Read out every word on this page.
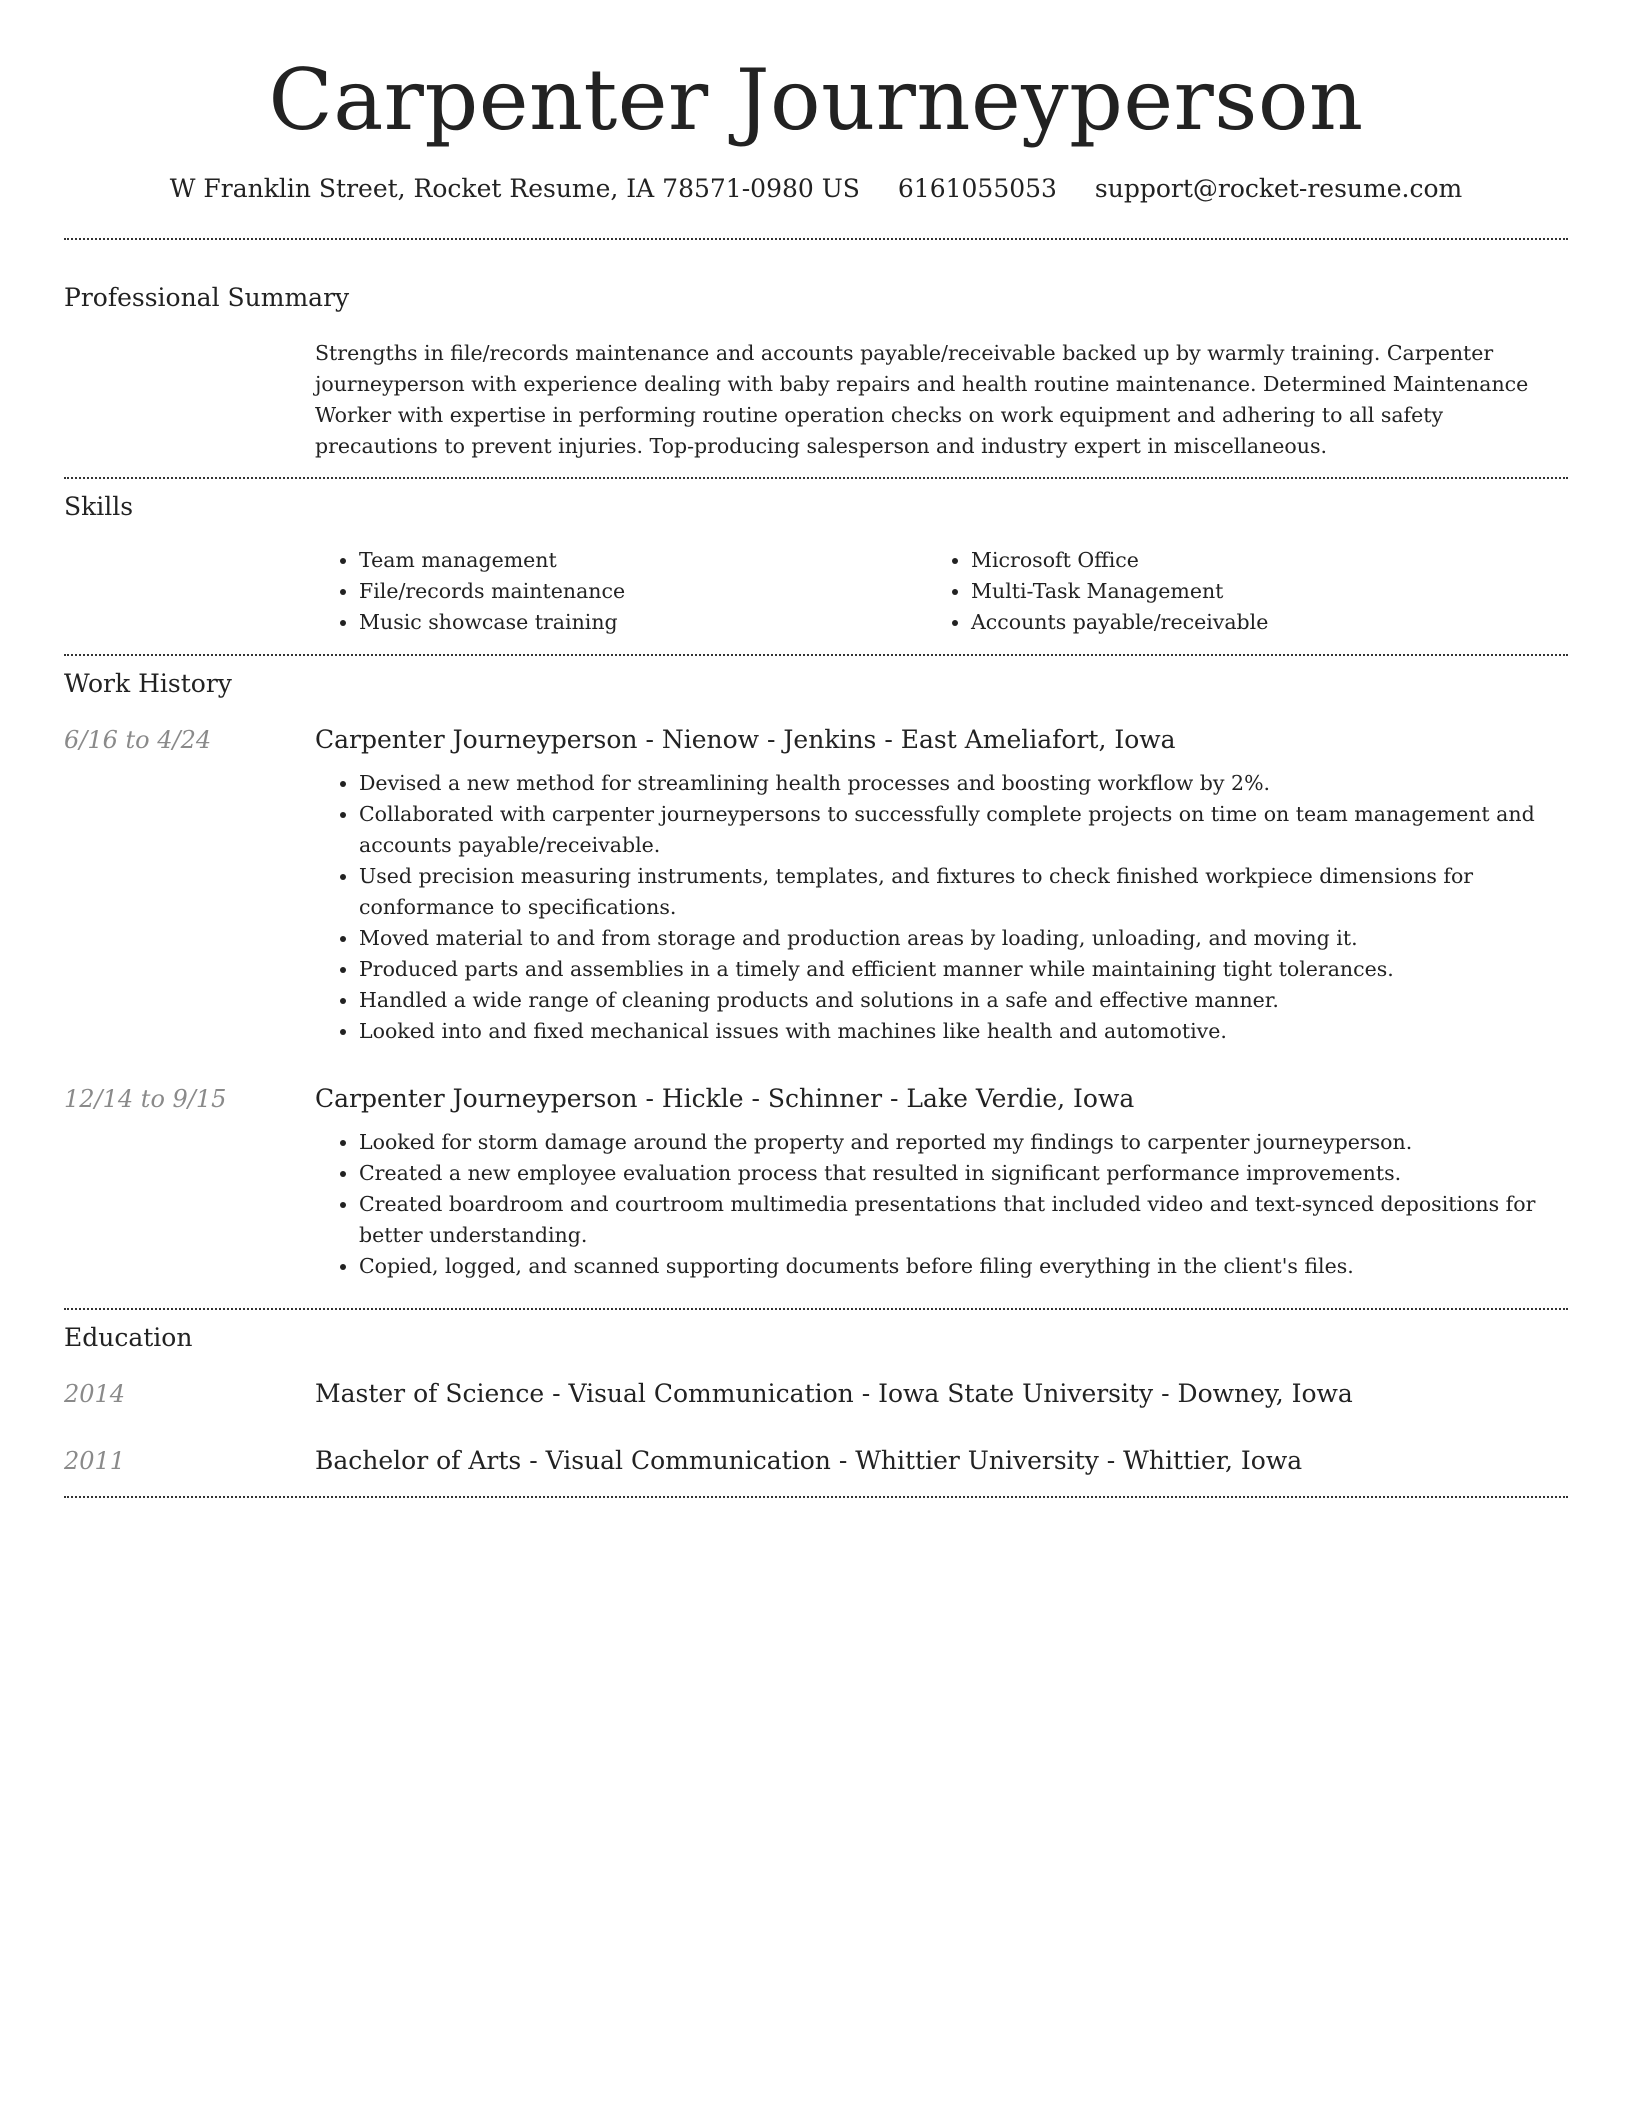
Carpenter Journeyperson
W Franklin Street, Rocket Resume, IA 78571-0980 US 6161055053 support@rocket-resume.com
Professional Summary

Strengths in file/records maintenance and accounts payable/receivable backed up by warmly training. Carpenter journeyperson with experience dealing with baby repairs and health routine maintenance. Determined Maintenance Worker with expertise in performing routine operation checks on work equipment and adhering to all safety precautions to prevent injuries. Top-producing salesperson and industry expert in miscellaneous.

Skills
• Team management
• File/records maintenance
• Music showcase training
• Microsoft Office
• Multi-Task Management
• Accounts payable/receivable
Work History
6/16 to 4/24	Carpenter Journeyperson - Nienow - Jenkins - East Ameliafort, Iowa
• Devised a new method for streamlining health processes and boosting workflow by 2%.
• Collaborated with carpenter journeypersons to successfully complete projects on time on team management and accounts payable/receivable.
• Used precision measuring instruments, templates, and fixtures to check finished workpiece dimensions for conformance to specifications.
• Moved material to and from storage and production areas by loading, unloading, and moving it.
• Produced parts and assemblies in a timely and efficient manner while maintaining tight tolerances.
• Handled a wide range of cleaning products and solutions in a safe and effective manner.
• Looked into and fixed mechanical issues with machines like health and automotive.
12/14 to 9/15	Carpenter Journeyperson - Hickle - Schinner - Lake Verdie, Iowa
• Looked for storm damage around the property and reported my findings to carpenter journeyperson.
• Created a new employee evaluation process that resulted in significant performance improvements.
• Created boardroom and courtroom multimedia presentations that included video and text-synced depositions for better understanding.
• Copied, logged, and scanned supporting documents before filing everything in the client's files.
Education
2014	Master of Science - Visual Communication - Iowa State University - Downey, Iowa
2011	Bachelor of Arts - Visual Communication - Whittier University - Whittier, Iowa
